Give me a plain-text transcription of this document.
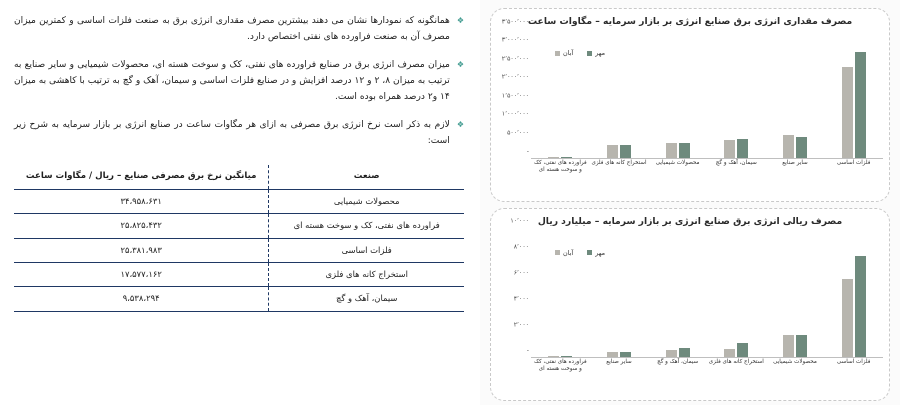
❖
همانگونه که نمودارها نشان می دهند بیشترین مصرف مقداری انرژی برق به صنعت فلزات اساسی و کمترین میزان مصرف آن به صنعت فراورده های نفتی اختصاص دارد.
❖
میزان مصرف انرژی برق در صنایع فراورده های نفتی، کک و سوخت هسته ای، محصولات شیمیایی و سایر صنایع به ترتیب به میزان ۸، ۲ و ۱۲ درصد افزایش و در صنایع فلزات اساسی و سیمان، آهک و گچ به ترتیب با کاهشی به میزان ۱۴ و۲ درصد همراه بوده است.
❖
لازم به ذکر است نرخ انرژی برق مصرفی به ازای هر مگاوات ساعت در صنایع انرژی بر بازار سرمایه به شرح زیر است:
صنعت	میانگین نرخ برق مصرفی صنایع – ریال / مگاوات ساعت
محصولات شیمیایی	۳۴،۹۵۸،۶۳۱
فراورده های نفتی، کک و سوخت هسته ای	۲۵،۸۲۵،۴۳۲
فلزات اساسی	۲۵،۳۸۱،۹۸۳
استخراج کانه های فلزی	۱۷،۵۷۷،۱۶۲
سیمان، آهک و گچ	۹،۵۳۸،۲۹۴
مصرف مقداری انرژی برق صنایع انرژی بر بازار سرمایه – مگاوات ساعت
۳٬۵۰۰٬۰۰۰
۳٬۰۰۰٬۰۰۰
۲٬۵۰۰٬۰۰۰
۲٬۰۰۰٬۰۰۰
۱٬۵۰۰٬۰۰۰
۱٬۰۰۰٬۰۰۰
۵۰۰٬۰۰۰
-
مهر
آبان
فلزات اساسی
سایر صنایع
سیمان، آهک و گچ
محصولات شیمیایی
استخراج کانه های فلزی
فراورده های نفتی، کک و سوخت هسته ای
مصرف ریالی انرژی برق صنایع انرژی بر بازار سرمایه – میلیارد ریال
۱۰٬۰۰۰
۸٬۰۰۰
۶٬۰۰۰
۴٬۰۰۰
۲٬۰۰۰
-
مهر
آبان
فلزات اساسی
محصولات شیمیایی
استخراج کانه های فلزی
سیمان، آهک و گچ
سایر صنایع
فراورده های نفتی، کک و سوخت هسته ای
